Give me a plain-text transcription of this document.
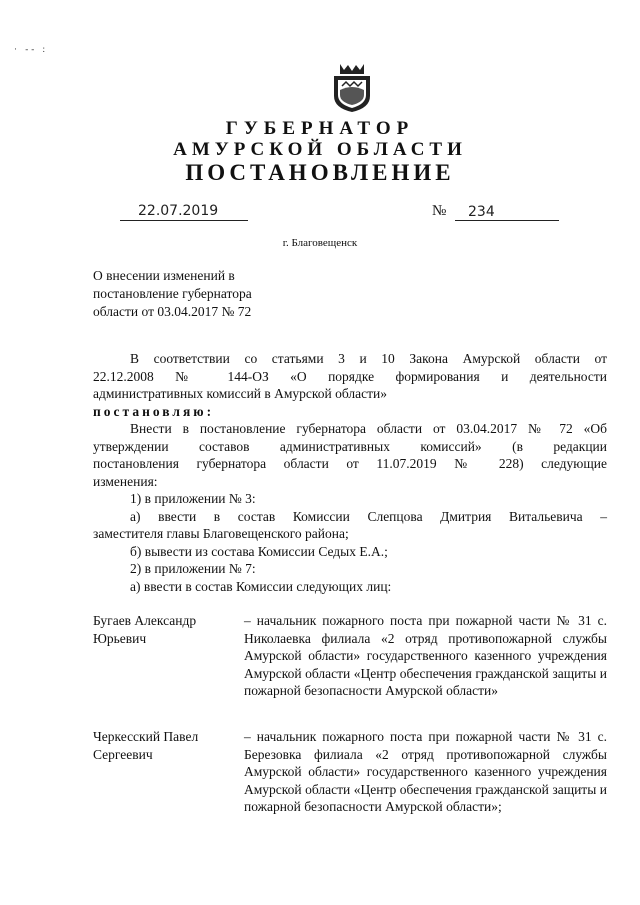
· -- :
ГУБЕРНАТОР
АМУРСКОЙ ОБЛАСТИ
ПОСТАНОВЛЕНИЕ
22.07.2019	№ 234
г. Благовещенск
О внесении изменений в
постановление губернатора
области от 03.04.2017 № 72
В соответствии со статьями 3 и 10 Закона Амурской области от
22.12.2008 № 144-ОЗ «О порядке формирования и деятельности
административных комиссий в Амурской области»
постановляю:
Внести в постановление губернатора области от 03.04.2017 № 72 «Об
утверждении составов административных комиссий» (в редакции
постановления губернатора области от 11.07.2019 № 228) следующие
изменения:
1) в приложении № 3:
а) ввести в состав Комиссии Слепцова Дмитрия Витальевича –
заместителя главы Благовещенского района;
б) вывести из состава Комиссии Седых Е.А.;
2) в приложении № 7:
а) ввести в состав Комиссии следующих лиц:
Бугаев Александр Юрьевич
– начальник пожарного поста при пожарной части № 31 с. Николаевка филиала «2 отряд противопожарной службы Амурской области» государственного казенного учреждения Амурской области «Центр обеспечения гражданской защиты и пожарной безопасности Амурской области»
Черкесский Павел Сергеевич
– начальник пожарного поста при пожарной части № 31 с. Березовка филиала «2 отряд противопожарной службы Амурской области» государственного казенного учреждения Амурской области «Центр обеспечения гражданской защиты и пожарной безопасности Амурской области»;
